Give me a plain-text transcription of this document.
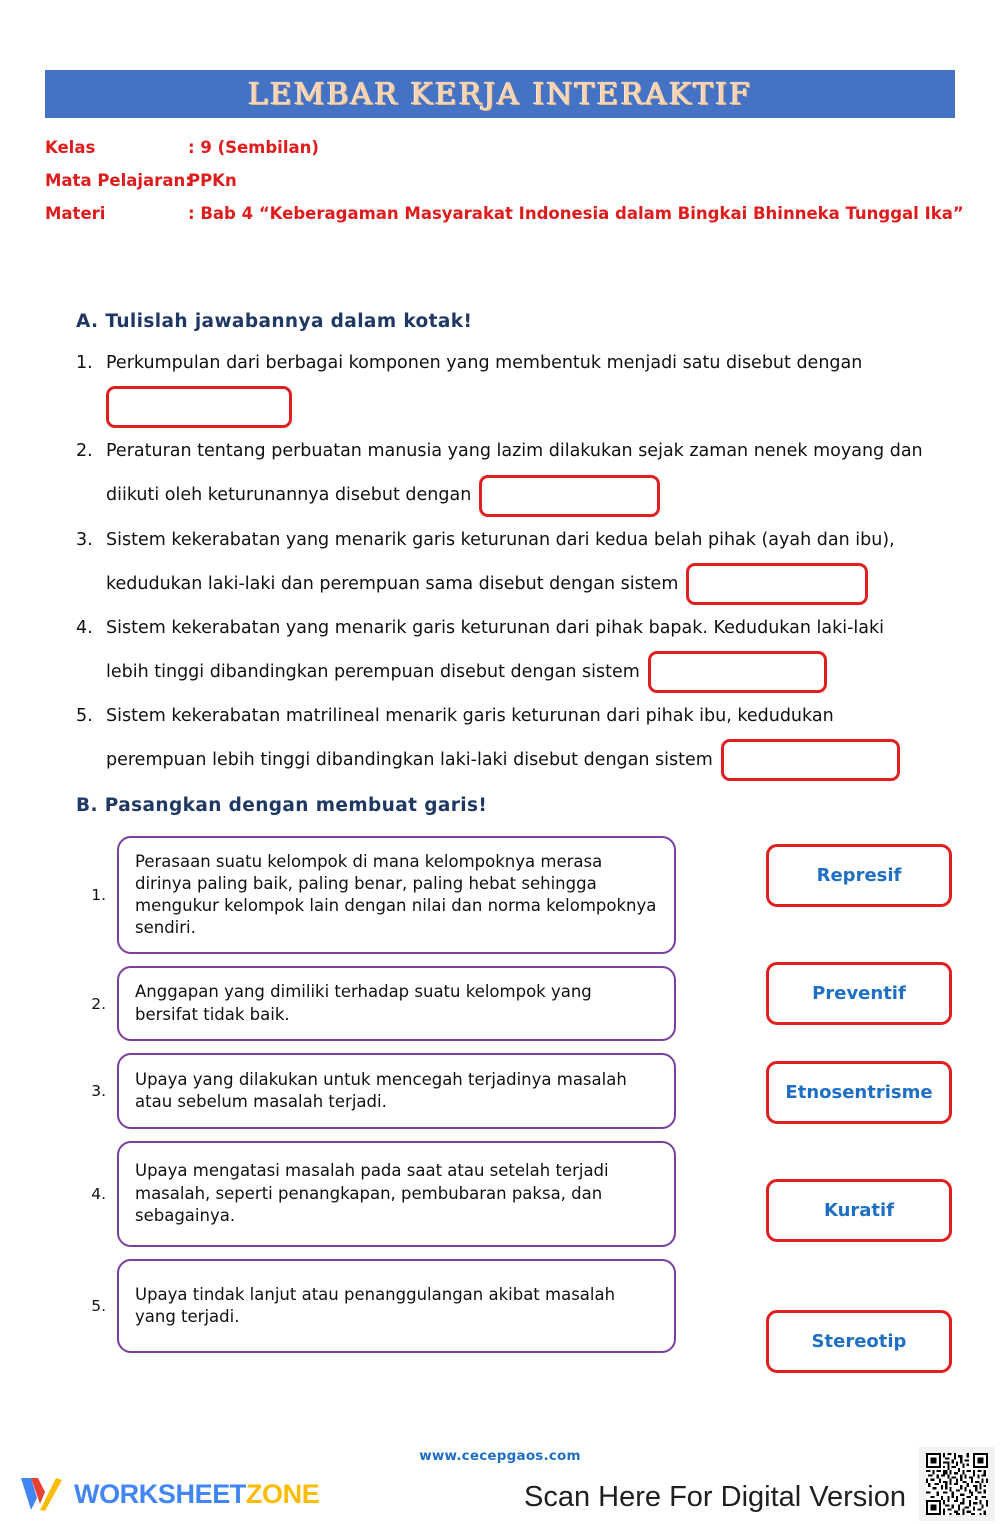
LEMBAR KERJA INTERAKTIF
Kelas	: 9 (Sembilan)
Mata Pelajaran:
PPKn
Materi	: Bab 4 “Keberagaman Masyarakat Indonesia dalam Bingkai Bhinneka Tunggal Ika”
A. Tulislah jawabannya dalam kotak!
1. Perkumpulan dari berbagai komponen yang membentuk menjadi satu disebut dengan
2. Peraturan tentang perbuatan manusia yang lazim dilakukan sejak zaman nenek moyang dan
diikuti oleh keturunannya disebut dengan
3. Sistem kekerabatan yang menarik garis keturunan dari kedua belah pihak (ayah dan ibu),
kedudukan laki-laki dan perempuan sama disebut dengan sistem
4. Sistem kekerabatan yang menarik garis keturunan dari pihak bapak. Kedudukan laki-laki
lebih tinggi dibandingkan perempuan disebut dengan sistem
5. Sistem kekerabatan matrilineal menarik garis keturunan dari pihak ibu, kedudukan
perempuan lebih tinggi dibandingkan laki-laki disebut dengan sistem
B. Pasangkan dengan membuat garis!
1.
Perasaan suatu kelompok di mana kelompoknya merasa dirinya paling baik, paling benar, paling hebat sehingga mengukur kelompok lain dengan nilai dan norma kelompoknya sendiri.
2.
Anggapan yang dimiliki terhadap suatu kelompok yang bersifat tidak baik.
3.
Upaya yang dilakukan untuk mencegah terjadinya masalah atau sebelum masalah terjadi.
4.
Upaya mengatasi masalah pada saat atau setelah terjadi masalah, seperti penangkapan, pembubaran paksa, dan sebagainya.
5.
Upaya tindak lanjut atau penanggulangan akibat masalah yang terjadi.
Represif
Preventif
Etnosentrisme
Kuratif
Stereotip
www.cecepgaos.com
WORKSHEETZONE	Scan Here For Digital Version
